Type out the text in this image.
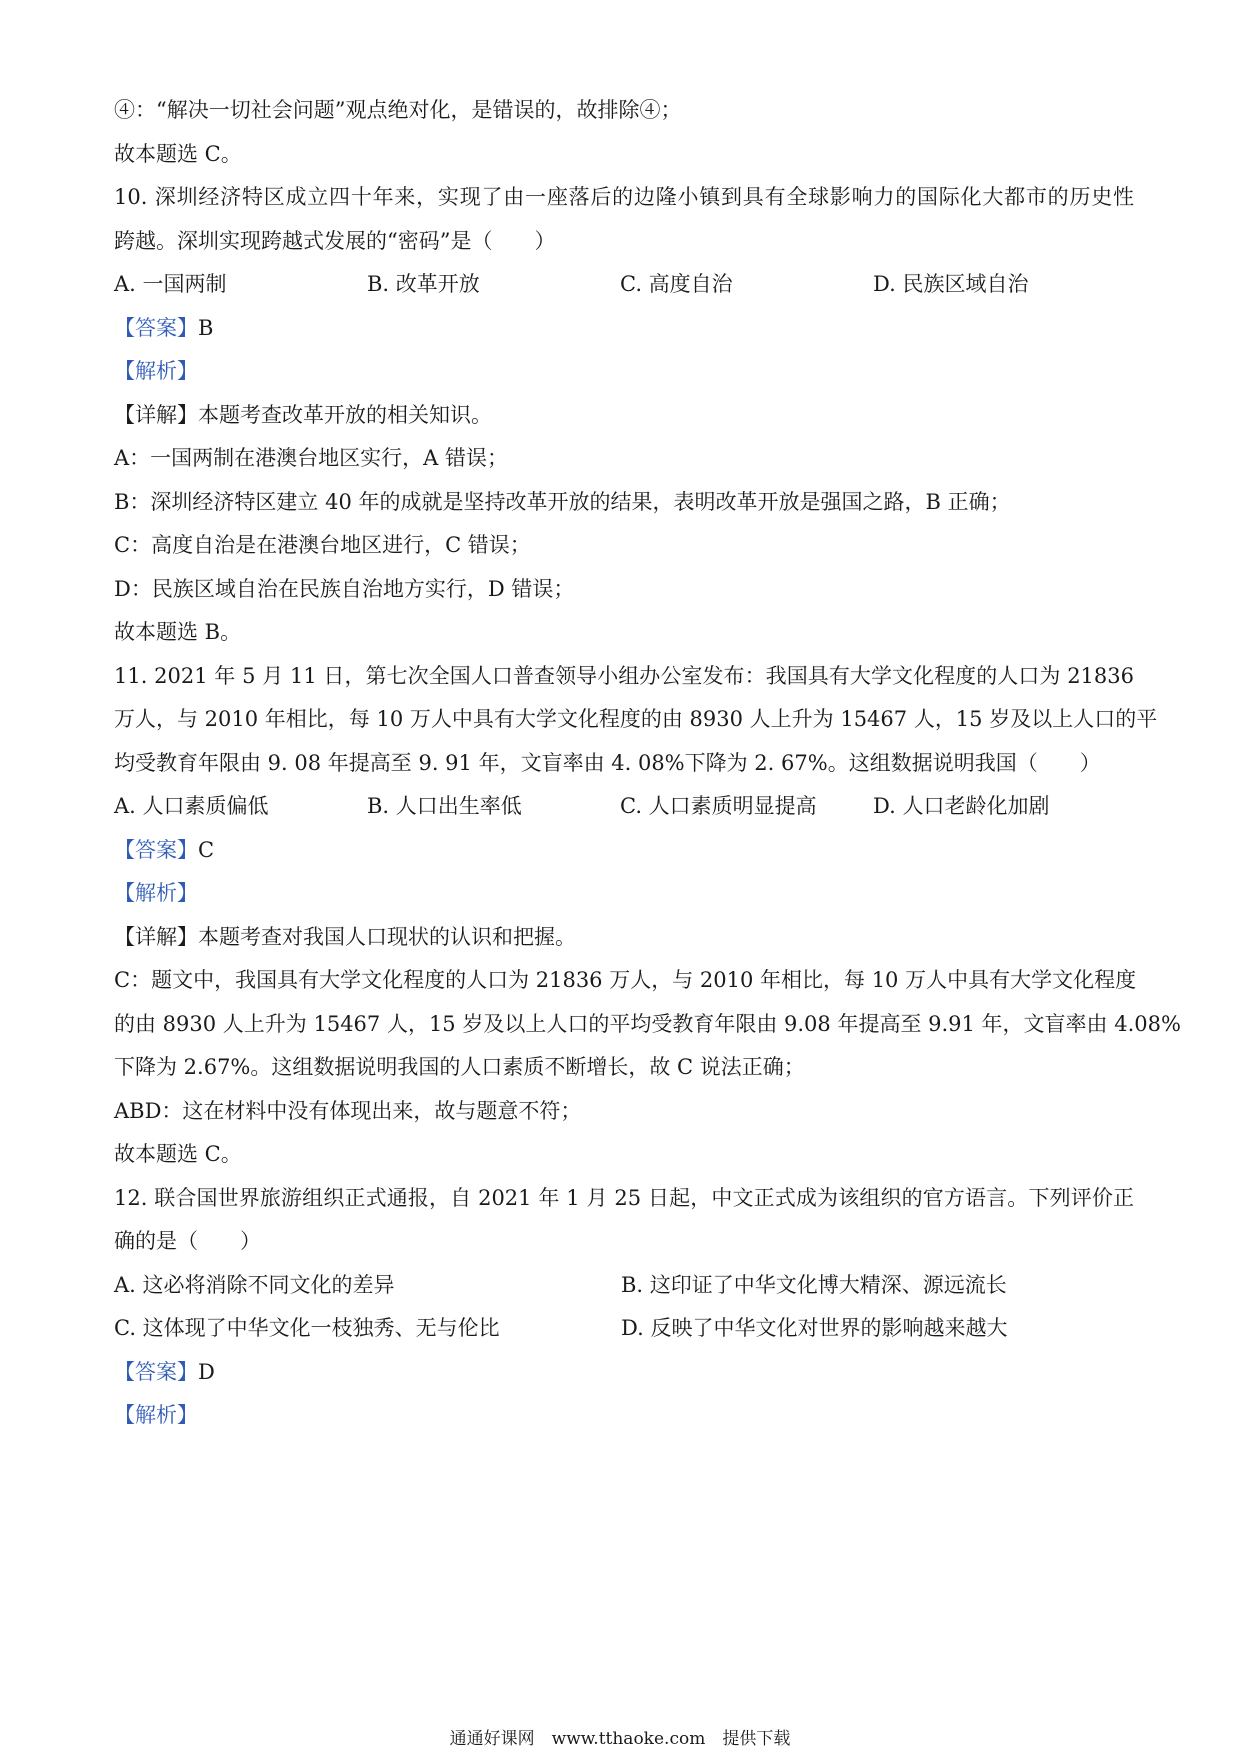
④：“解决一切社会问题”观点绝对化，是错误的，故排除④；
故本题选 C。
10. 深圳经济特区成立四十年来，实现了由一座落后的边隆小镇到具有全球影响力的国际化大都市的历史性
跨越。深圳实现跨越式发展的“密码”是（　　）
A. 一国两制	B. 改革开放	C. 高度自治	D. 民族区域自治
【答案】B
【解析】
【详解】本题考查改革开放的相关知识。
A：一国两制在港澳台地区实行，A 错误；
B：深圳经济特区建立 40 年的成就是坚持改革开放的结果，表明改革开放是强国之路，B 正确；
C：高度自治是在港澳台地区进行，C 错误；
D：民族区域自治在民族自治地方实行，D 错误；
故本题选 B。
11. 2021 年 5 月 11 日，第七次全国人口普查领导小组办公室发布：我国具有大学文化程度的人口为 21836
万人，与 2010 年相比，每 10 万人中具有大学文化程度的由 8930 人上升为 15467 人，15 岁及以上人口的平
均受教育年限由 9. 08 年提高至 9. 91 年，文盲率由 4. 08%下降为 2. 67%。这组数据说明我国（　　）
A. 人口素质偏低	B. 人口出生率低	C. 人口素质明显提高	D. 人口老龄化加剧
【答案】C
【解析】
【详解】本题考查对我国人口现状的认识和把握。
C：题文中，我国具有大学文化程度的人口为 21836 万人，与 2010 年相比，每 10 万人中具有大学文化程度
的由 8930 人上升为 15467 人，15 岁及以上人口的平均受教育年限由 9.08 年提高至 9.91 年，文盲率由 4.08%
下降为 2.67%。这组数据说明我国的人口素质不断增长，故 C 说法正确；
ABD：这在材料中没有体现出来，故与题意不符；
故本题选 C。
12. 联合国世界旅游组织正式通报，自 2021 年 1 月 25 日起，中文正式成为该组织的官方语言。下列评价正
确的是（　　）
A. 这必将消除不同文化的差异	B. 这印证了中华文化博大精深、源远流长
C. 这体现了中华文化一枝独秀、无与伦比	D. 反映了中华文化对世界的影响越来越大
【答案】D
【解析】
通通好课网　www.tthaoke.com　提供下载
